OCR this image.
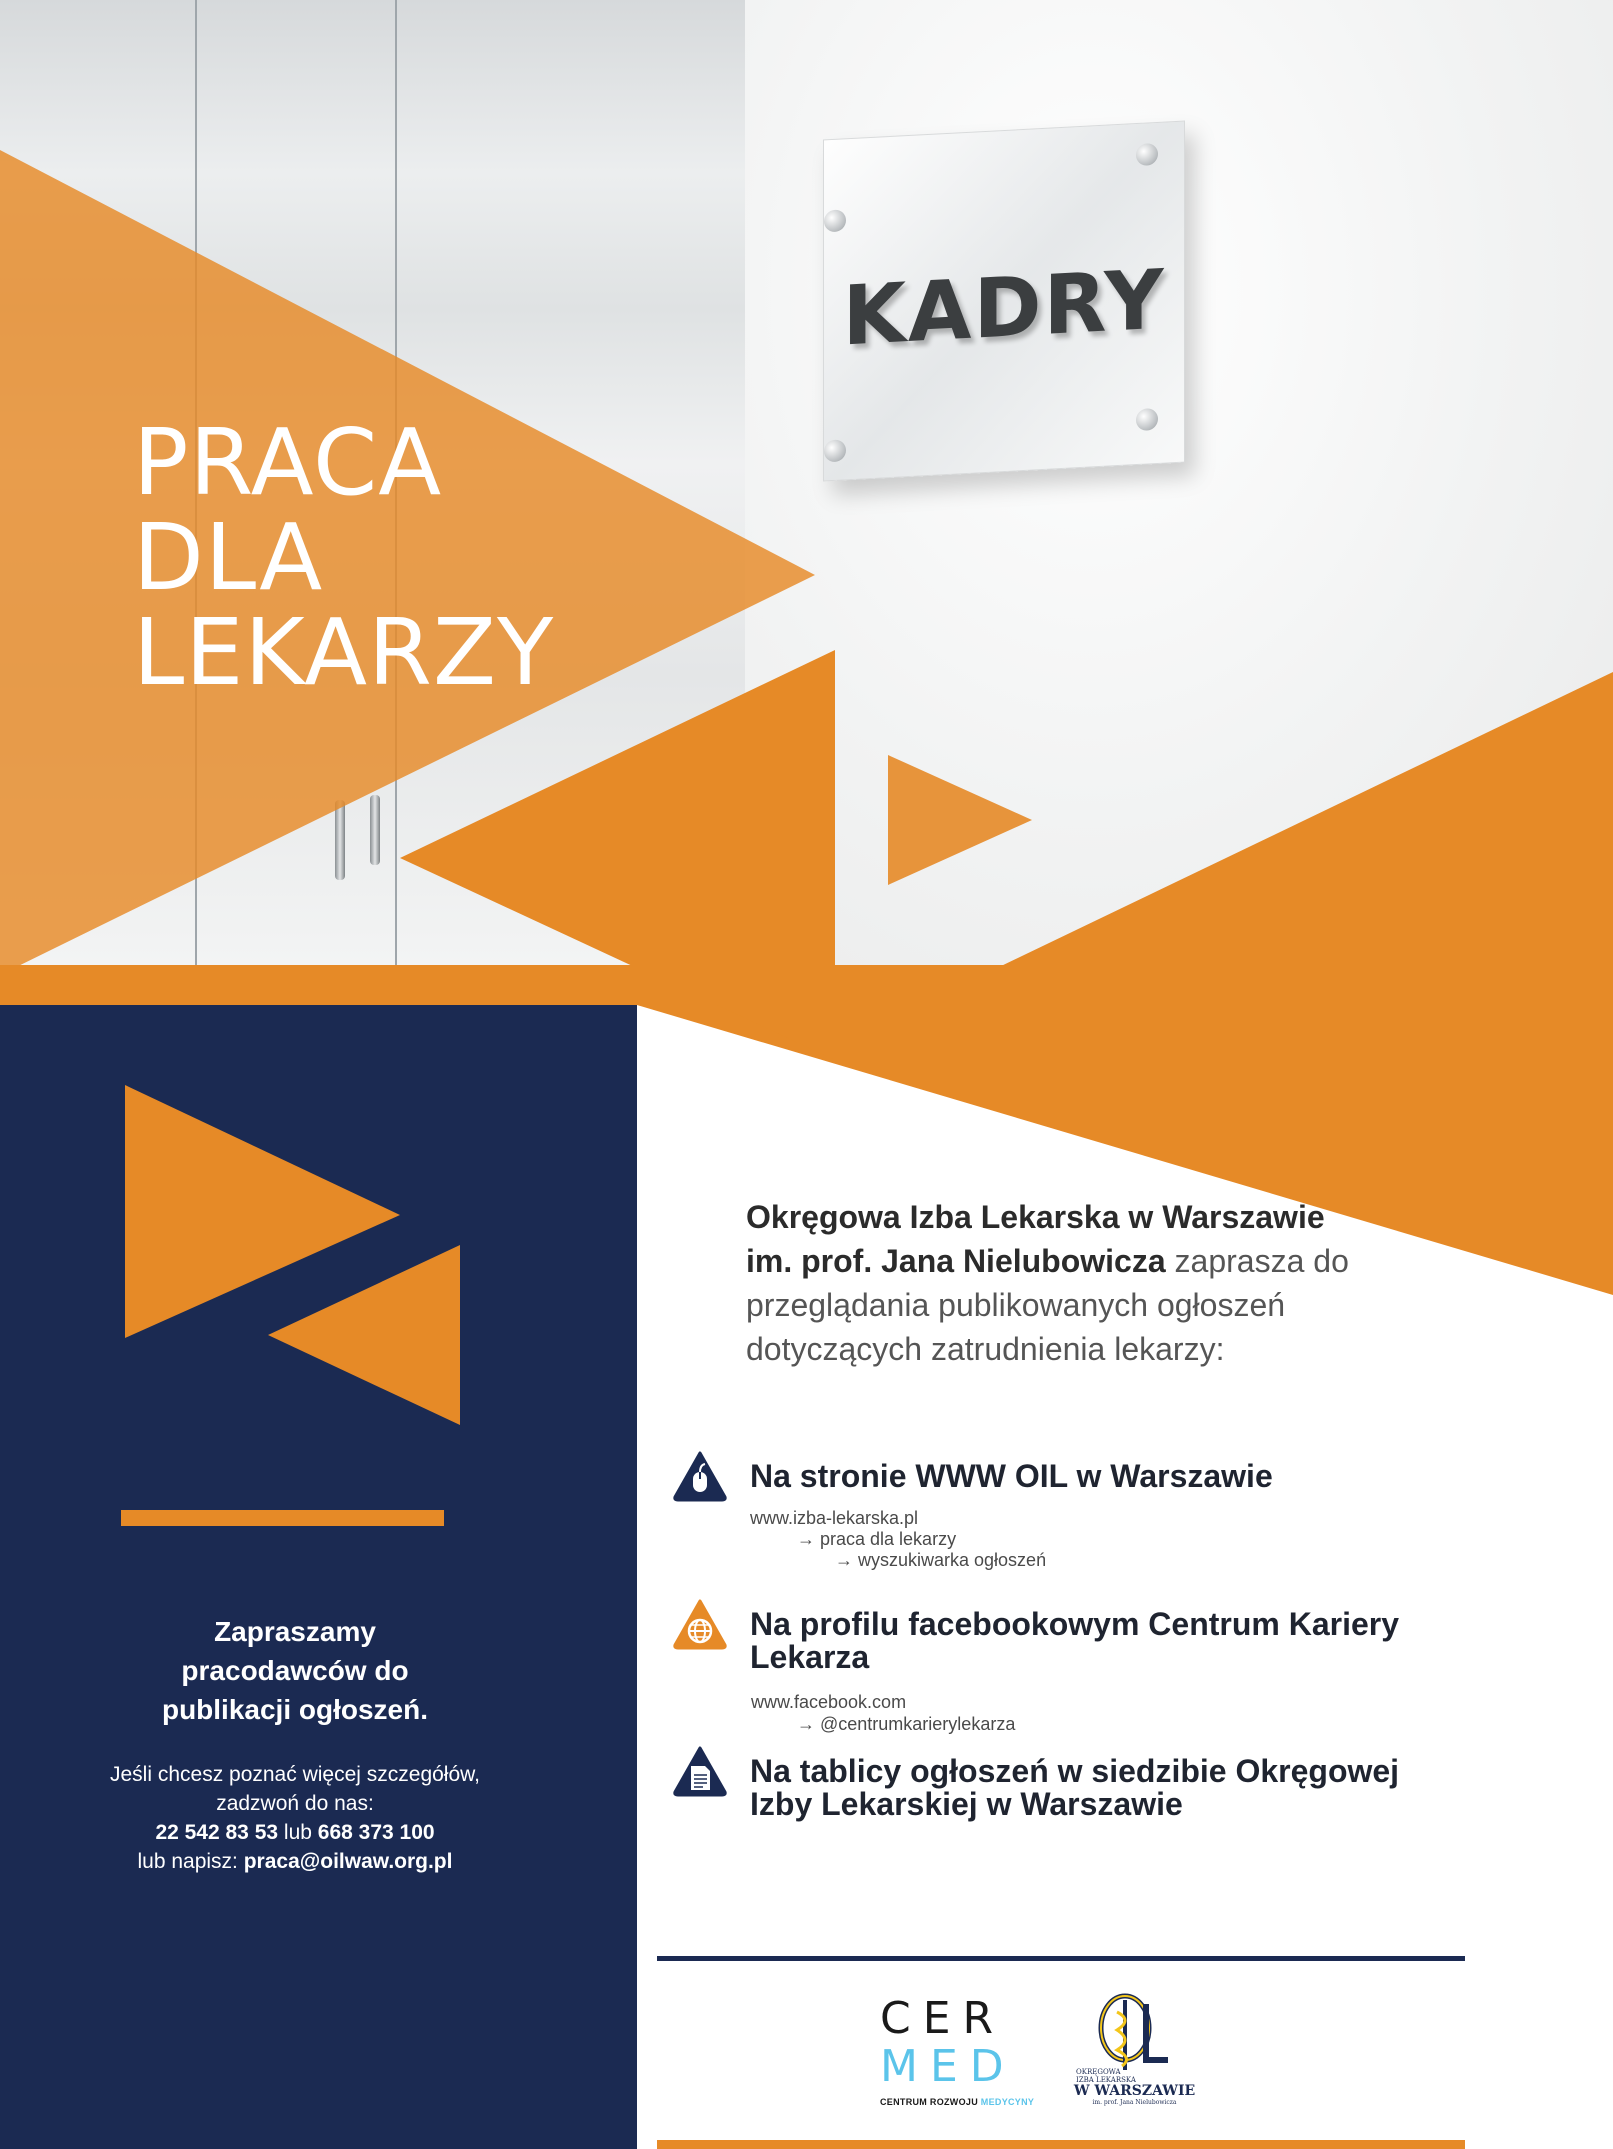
KADRY
PRACA
DLA
LEKARZY
Zapraszamy
pracodawców do
publikacji ogłoszeń.
Jeśli chcesz poznać więcej szczegółów,
zadzwoń do nas:
22 542 83 53 lub 668 373 100
lub napisz: praca@oilwaw.org.pl
Okręgowa Izba Lekarska w Warszawie
im. prof. Jana Nielubowicza zaprasza do
przeglądania publikowanych ogłoszeń
dotyczących zatrudnienia lekarzy:
Na stronie WWW OIL w Warszawie
www.izba-lekarska.pl
→ praca dla lekarzy
→ wyszukiwarka ogłoszeń
Na profilu facebookowym Centrum Kariery Lekarza
www.facebook.com
→ @centrumkarierylekarza
Na tablicy ogłoszeń w siedzibie Okręgowej Izby Lekarskiej w Warszawie
CER
MED
CENTRUM ROZWOJU MEDYCYNY
OKRĘGOWA
IZBA LEKARSKA
W WARSZAWIE
im. prof. Jana Nielubowicza
